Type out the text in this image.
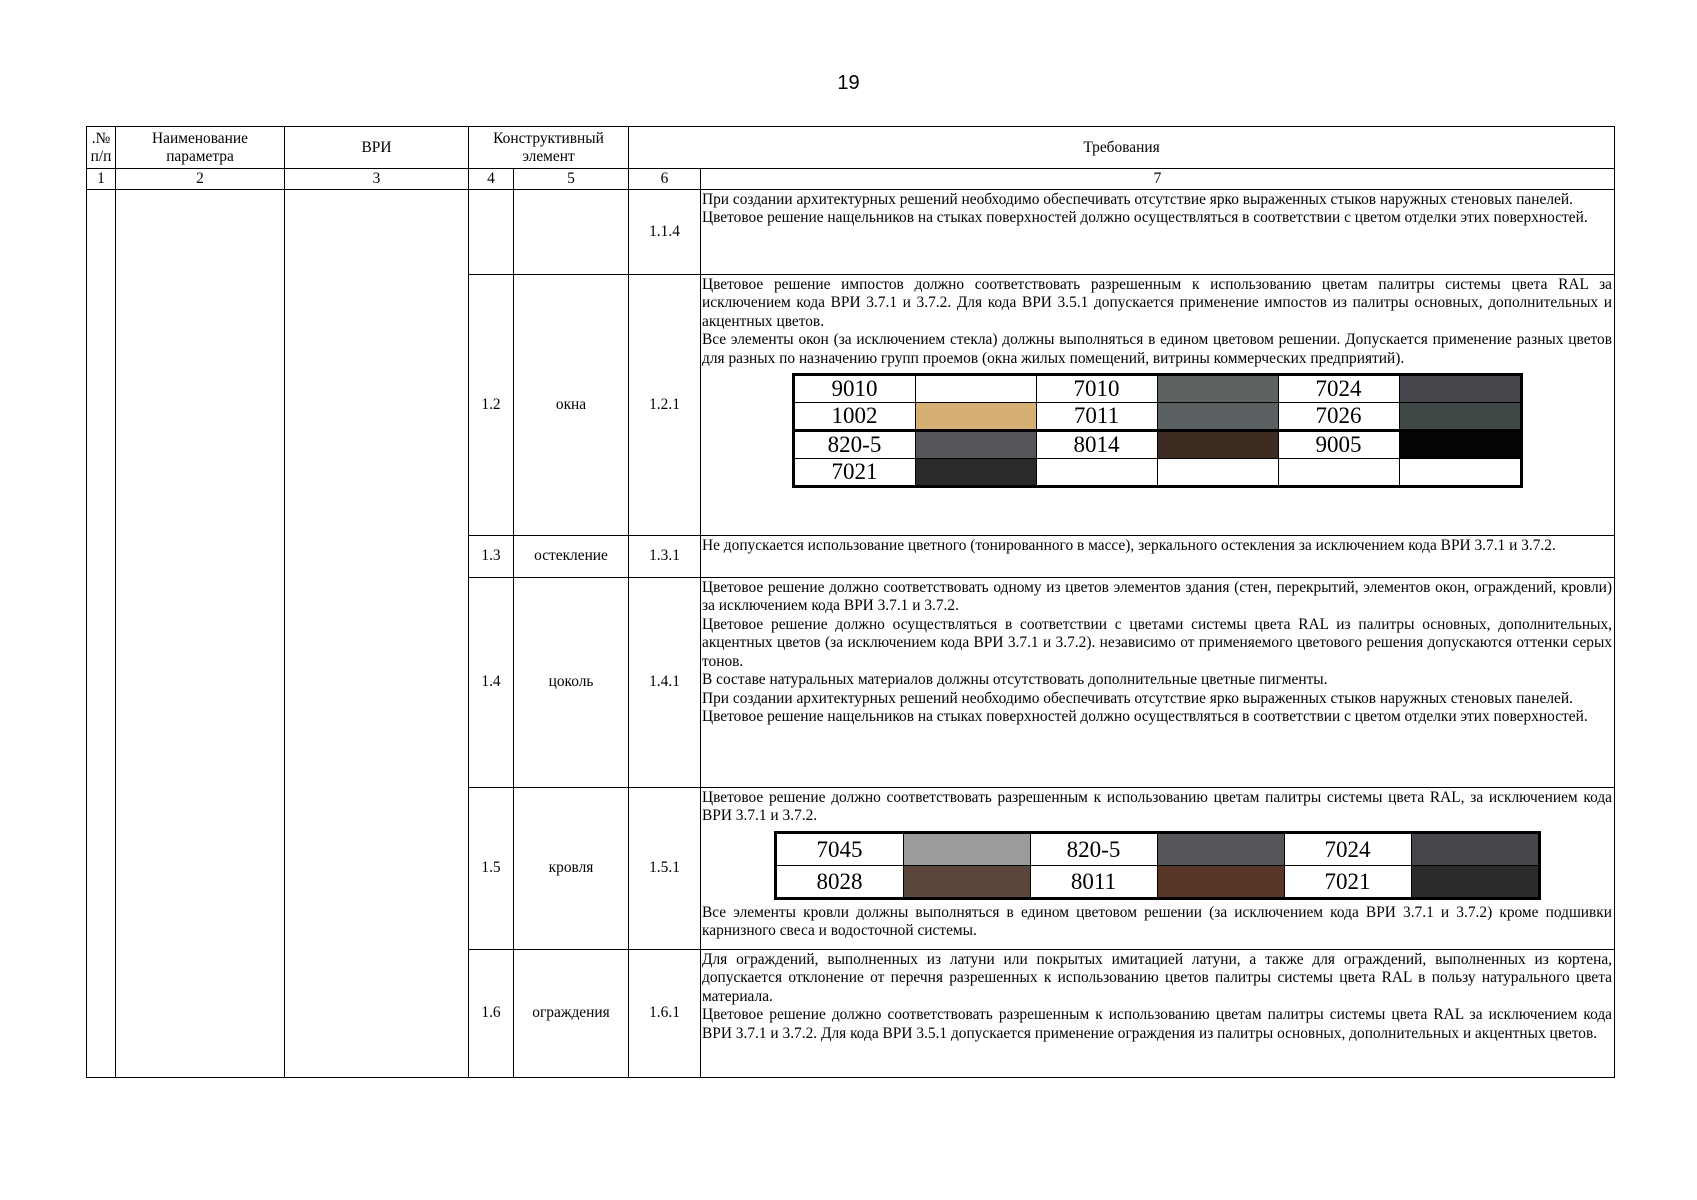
19
.№ п/п	Наименование параметра	ВРИ	Конструктивный элемент	Требования
1	2	3	4	5	6	7
					1.1.4	

При создании архитектурных решений необходимо обеспечивать отсутствие ярко выраженных стыков наружных стеновых панелей.

Цветовое решение нащельников на стыках поверхностей должно осуществляться в соответствии с цветом отделки этих поверхностей.

1.2	окна	1.2.1	

Цветовое решение импостов должно соответствовать разрешенным к использованию цветам палитры системы цвета RAL за исключением кода ВРИ 3.7.1 и 3.7.2. Для кода ВРИ 3.5.1 допускается применение импостов из палитры основных, дополнительных и акцентных цветов.

Все элементы окон (за исключением стекла) должны выполняться в едином цветовом решении. Допускается применение разных цветов для разных по назначению групп проемов (окна жилых помещений, витрины коммерческих предприятий).

9010		7010		7024	
1002		7011		7026	
820-5		8014		9005	
7021					

1.3	остекление	1.3.1	

Не допускается использование цветного (тонированного в массе), зеркального остекления за исключением кода ВРИ 3.7.1 и 3.7.2.

1.4	цоколь	1.4.1	

Цветовое решение должно соответствовать одному из цветов элементов здания (стен, перекрытий, элементов окон, ограждений, кровли) за исключением кода ВРИ 3.7.1 и 3.7.2.

Цветовое решение должно осуществляться в соответствии с цветами системы цвета RAL из палитры основных, дополнительных, акцентных цветов (за исключением кода ВРИ 3.7.1 и 3.7.2). независимо от применяемого цветового решения допускаются оттенки серых тонов.

В составе натуральных материалов должны отсутствовать дополнительные цветные пигменты.

При создании архитектурных решений необходимо обеспечивать отсутствие ярко выраженных стыков наружных стеновых панелей.

Цветовое решение нащельников на стыках поверхностей должно осуществляться в соответствии с цветом отделки этих поверхностей.

1.5	кровля	1.5.1	

Цветовое решение должно соответствовать разрешенным к использованию цветам палитры системы цвета RAL, за исключением кода ВРИ 3.7.1 и 3.7.2.

7045		820-5		7024	
8028		8011		7021	

Все элементы кровли должны выполняться в едином цветовом решении (за исключением кода ВРИ 3.7.1 и 3.7.2) кроме подшивки карнизного свеса и водосточной системы.

1.6	ограждения	1.6.1	

Для ограждений, выполненных из латуни или покрытых имитацией латуни, а также для ограждений, выполненных из кортена, допускается отклонение от перечня разрешенных к использованию цветов палитры системы цвета RAL в пользу натурального цвета материала.

Цветовое решение должно соответствовать разрешенным к использованию цветам палитры системы цвета RAL за исключением кода ВРИ 3.7.1 и 3.7.2. Для кода ВРИ 3.5.1 допускается применение ограждения из палитры основных, дополнительных и акцентных цветов.
